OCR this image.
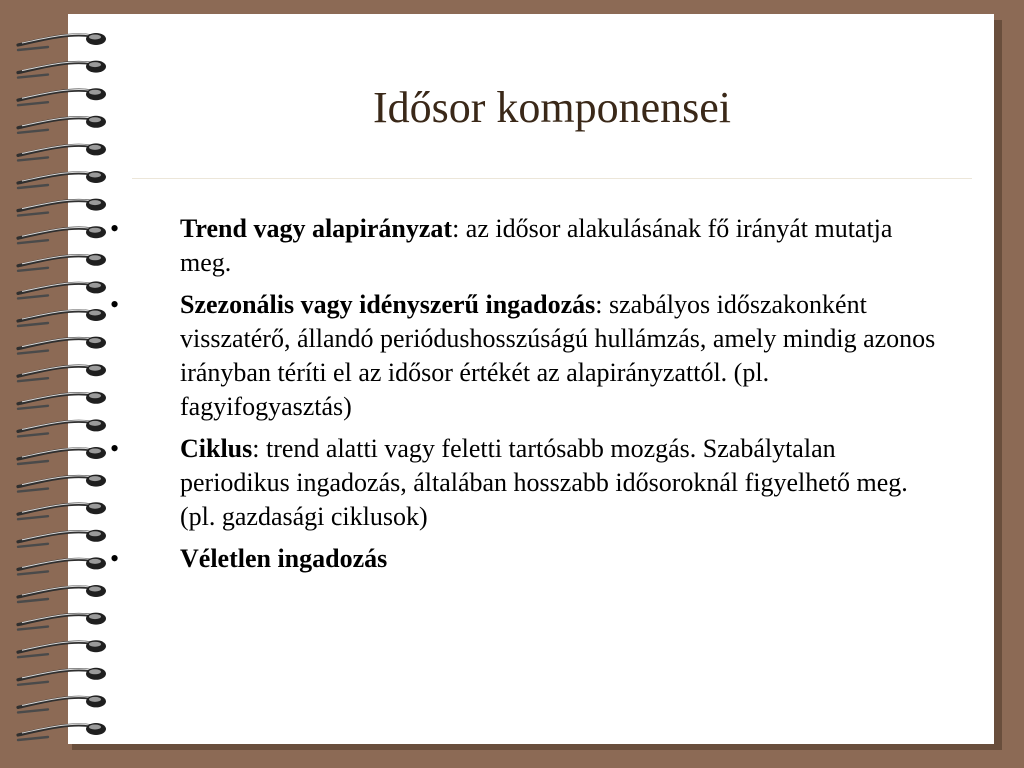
Idősor komponensei
• Trend vagy alapirányzat: az idősor alakulásának fő irányát mutatja meg.
• Szezonális vagy idényszerű ingadozás: szabályos időszakonként visszatérő, állandó periódushosszúságú hullámzás, amely mindig azonos irányban téríti el az idősor értékét az alapirányzattól. (pl. fagyifogyasztás)
• Ciklus: trend alatti vagy feletti tartósabb mozgás. Szabálytalan periodikus ingadozás, általában hosszabb idősoroknál figyelhető meg. (pl. gazdasági ciklusok)
• Véletlen ingadozás
